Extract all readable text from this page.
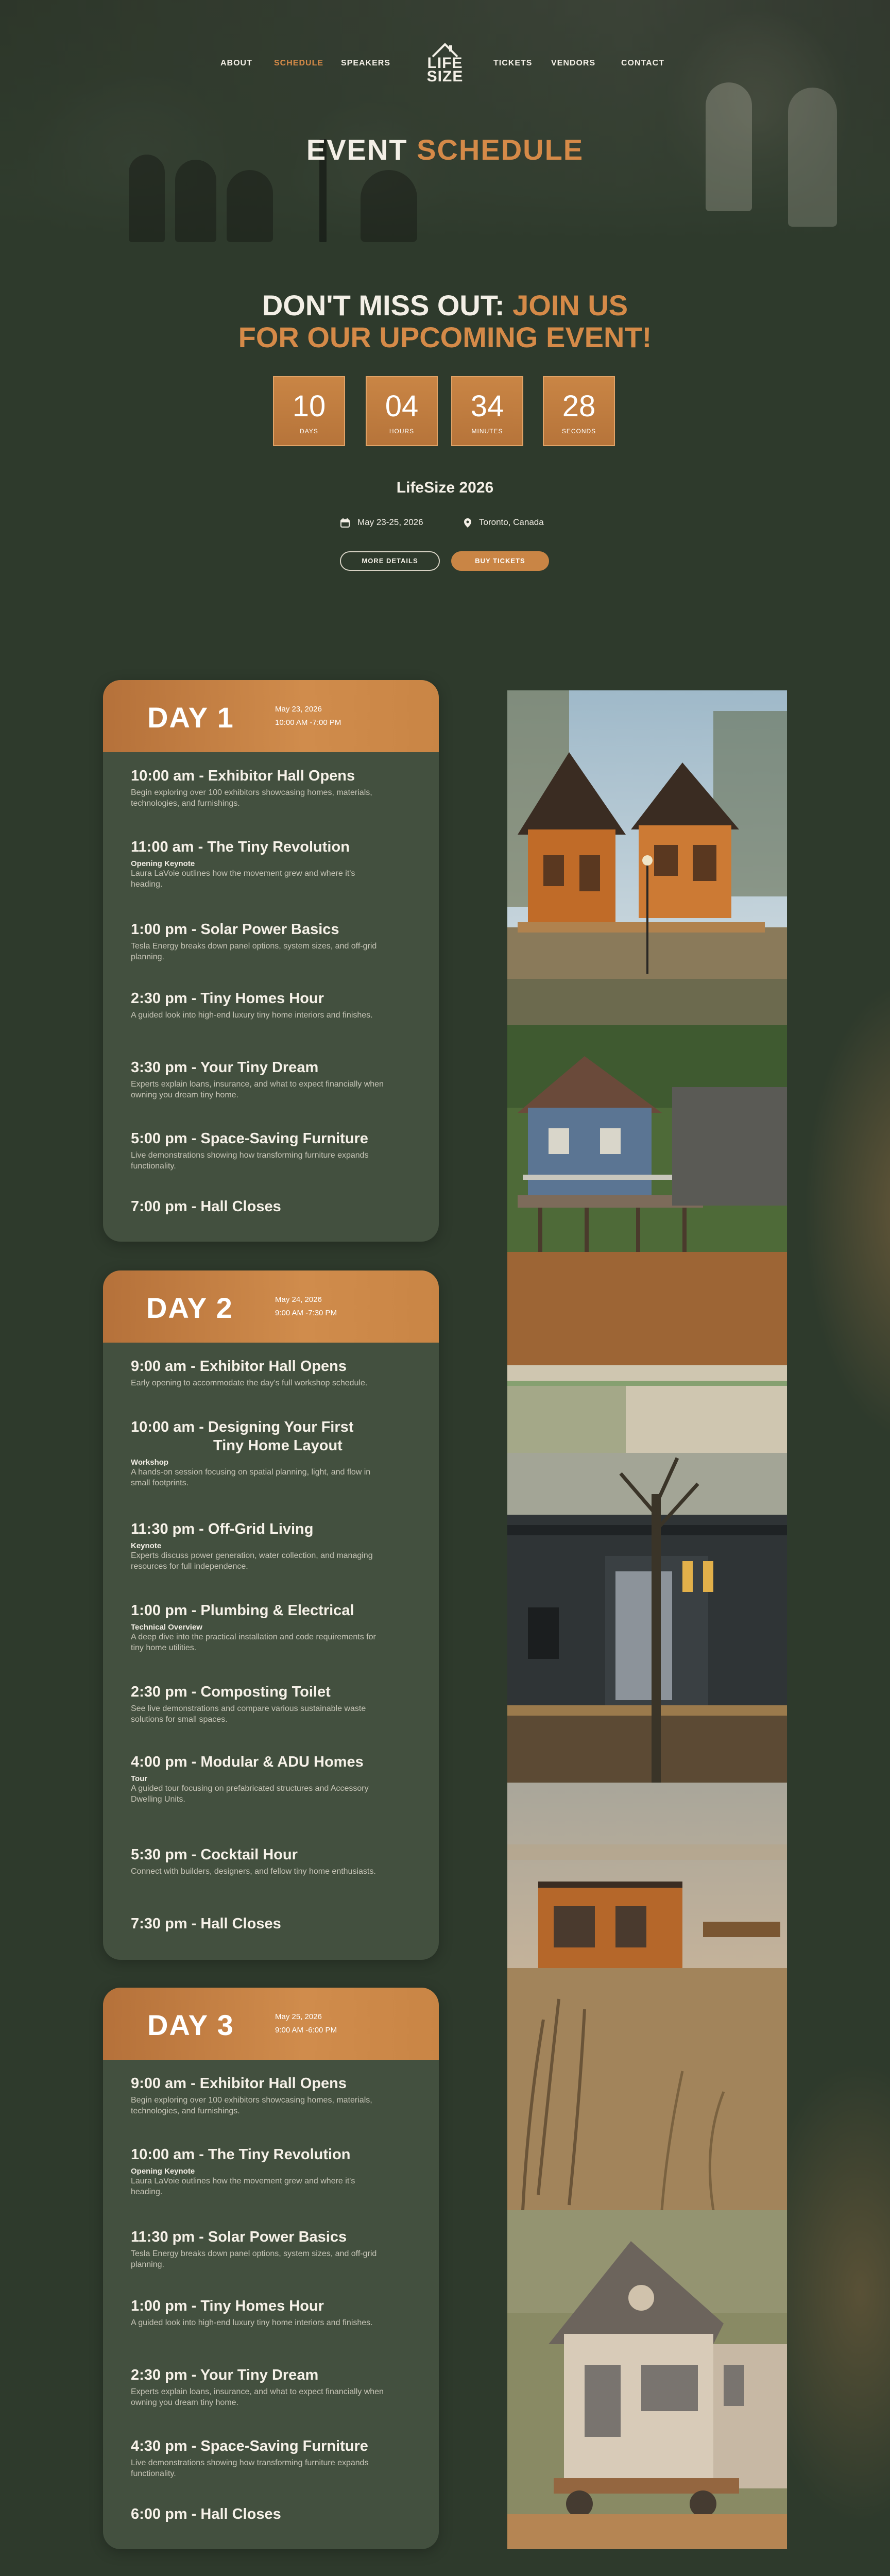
ABOUT	SCHEDULE SPEAKERS	LIFE
SIZE
TICKETS VENDORS	CONTACT
EVENT SCHEDULE
DON'T MISS OUT: JOIN US
FOR OUR UPCOMING EVENT!
10
DAYS
04
HOURS
34
MINUTES
28
SECONDS
LifeSize 2026
May 23-25, 2026	Toronto, Canada
MORE DETAILS	BUY TICKETS
DAY 1	May 23, 2026
10:00 AM -7:00 PM
10:00 am - Exhibitor Hall Opens
Begin exploring over 100 exhibitors showcasing homes, materials, technologies, and furnishings.
11:00 am - The Tiny Revolution
Opening Keynote
Laura LaVoie outlines how the movement grew and where it's heading.
1:00 pm - Solar Power Basics
Tesla Energy breaks down panel options, system sizes, and off-grid planning.
2:30 pm - Tiny Homes Hour
A guided look into high-end luxury tiny home interiors and finishes.
3:30 pm - Your Tiny Dream
Experts explain loans, insurance, and what to expect financially when owning you dream tiny home.
5:00 pm - Space-Saving Furniture
Live demonstrations showing how transforming furniture expands functionality.
7:00 pm - Hall Closes
DAY 2	May 24, 2026
9:00 AM -7:30 PM
9:00 am - Exhibitor Hall Opens
Early opening to accommodate the day's full workshop schedule.
10:00 am - Designing Your First
Tiny Home Layout
Workshop
A hands-on session focusing on spatial planning, light, and flow in small footprints.
11:30 pm - Off-Grid Living
Keynote
Experts discuss power generation, water collection, and managing resources for full independence.
1:00 pm - Plumbing & Electrical
Technical Overview
A deep dive into the practical installation and code requirements for tiny home utilities.
2:30 pm - Composting Toilet
See live demonstrations and compare various sustainable waste solutions for small spaces.
4:00 pm - Modular & ADU Homes
Tour
A guided tour focusing on prefabricated structures and Accessory Dwelling Units.
5:30 pm - Cocktail Hour
Connect with builders, designers, and fellow tiny home enthusiasts.
7:30 pm - Hall Closes
DAY 3	May 25, 2026
9:00 AM -6:00 PM
9:00 am - Exhibitor Hall Opens
Begin exploring over 100 exhibitors showcasing homes, materials, technologies, and furnishings.
10:00 am - The Tiny Revolution
Opening Keynote
Laura LaVoie outlines how the movement grew and where it's heading.
11:30 pm - Solar Power Basics
Tesla Energy breaks down panel options, system sizes, and off-grid planning.
1:00 pm - Tiny Homes Hour
A guided look into high-end luxury tiny home interiors and finishes.
2:30 pm - Your Tiny Dream
Experts explain loans, insurance, and what to expect financially when owning you dream tiny home.
4:30 pm - Space-Saving Furniture
Live demonstrations showing how transforming furniture expands functionality.
6:00 pm - Hall Closes
